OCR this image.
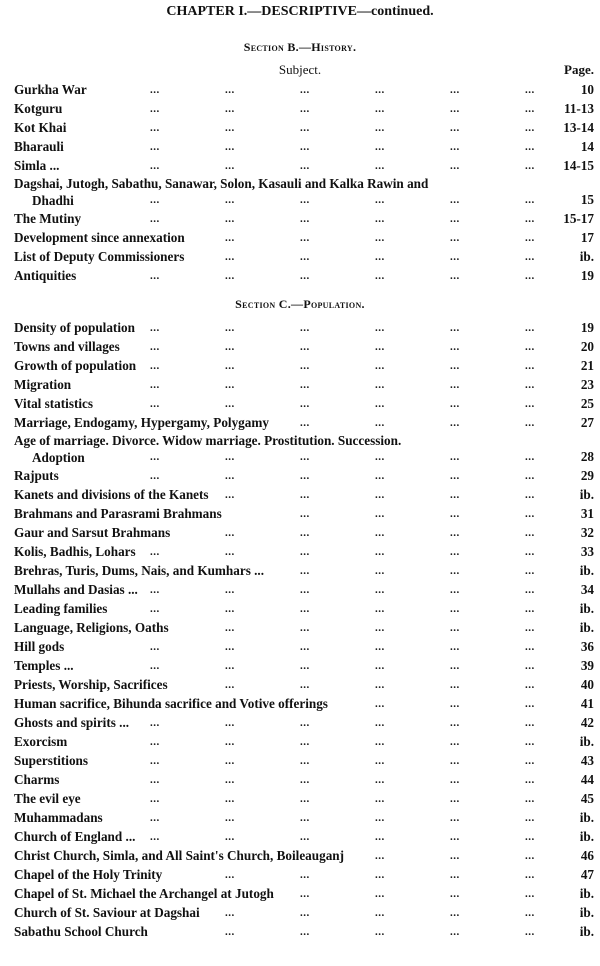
CHAPTER I.—DESCRIPTIVE—continued.
Section B.—History.
Subject.	Page.
...	...	...	...	...	...
Gurkha War	10
...	...	...	...	...	...
Kotguru	11-13
...	...	...	...	...	...
Kot Khai	13-14
...	...	...	...	...	...
Bharauli	14
...	...	...	...	...	...
Simla ...	14-15
...	...	...	...	...	...
Dagshai, Jutogh, Sabathu, Sanawar, Solon, Kasauli and Kalka Rawin and
Dhadhi	15
...	...	...	...	...	...
The Mutiny	15-17
...	...	...	...	...
Development since annexation	17
...	...	...	...	...
List of Deputy Commissioners	ib.
...	...	...	...	...	...
Antiquities	19
Section C.—Population.
...	...	...	...	...	...
Density of population	19
...	...	...	...	...	...
Towns and villages	20
...	...	...	...	...	...
Growth of population	21
...	...	...	...	...	...
Migration	23
...	...	...	...	...	...
Vital statistics	25
...	...	...	...
Marriage, Endogamy, Hypergamy, Polygamy	27
...	...	...	...	...	...
Age of marriage. Divorce. Widow marriage. Prostitution. Succession.
Adoption	28
...	...	...	...	...	...
Rajputs	29
...	...	...	...	...
Kanets and divisions of the Kanets	ib.
...	...	...	...
Brahmans and Parasrami Brahmans	31
...	...	...	...	...
Gaur and Sarsut Brahmans	32
...	...	...	...	...	...
Kolis, Badhis, Lohars	33
...	...	...	...
Brehras, Turis, Dums, Nais, and Kumhars ...	ib.
...	...	...	...	...	...
Mullahs and Dasias ...	34
...	...	...	...	...	...
Leading families	ib.
...	...	...	...	...
Language, Religions, Oaths	ib.
...	...	...	...	...	...
Hill gods	36
...	...	...	...	...	...
Temples ...	39
...	...	...	...	...
Priests, Worship, Sacrifices	40
...	...	...
Human sacrifice, Bihunda sacrifice and Votive offerings	41
...	...	...	...	...	...
Ghosts and spirits ...	42
...	...	...	...	...	...
Exorcism	ib.
...	...	...	...	...	...
Superstitions	43
...	...	...	...	...	...
Charms	44
...	...	...	...	...	...
The evil eye	45
...	...	...	...	...	...
Muhammadans	ib.
...	...	...	...	...	...
Church of England ...	ib.
...	...	...
Christ Church, Simla, and All Saint's Church, Boileauganj	46
...	...	...	...	...
Chapel of the Holy Trinity	47
...	...	...	...
Chapel of St. Michael the Archangel at Jutogh	ib.
...	...	...	...	...
Church of St. Saviour at Dagshai	ib.
...	...	...	...	...
Sabathu School Church	ib.
